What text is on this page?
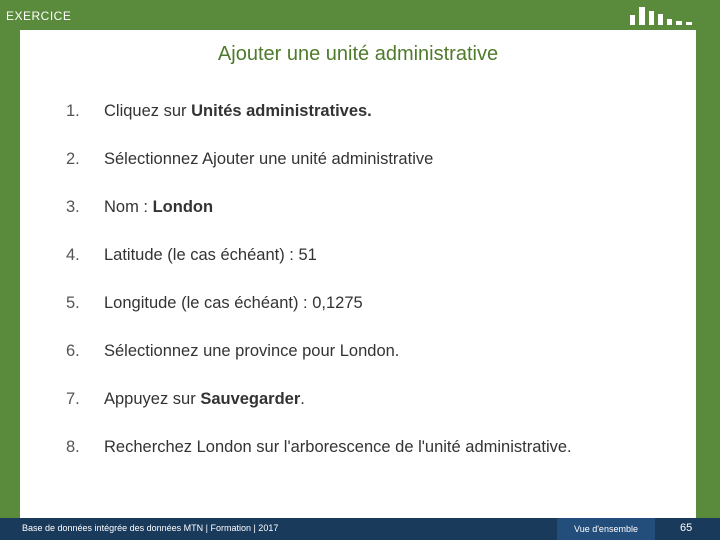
EXERCICE
Ajouter une unité administrative
1. Cliquez sur Unités administratives.
2. Sélectionnez Ajouter une unité administrative
3. Nom : London
4. Latitude (le cas échéant) : 51
5. Longitude (le cas échéant) : 0,1275
6. Sélectionnez une province pour London.
7. Appuyez sur Sauvegarder.
8. Recherchez London sur l'arborescence de l'unité administrative.
Base de données intégrée des données MTN | Formation | 2017	Vue d'ensemble	65
